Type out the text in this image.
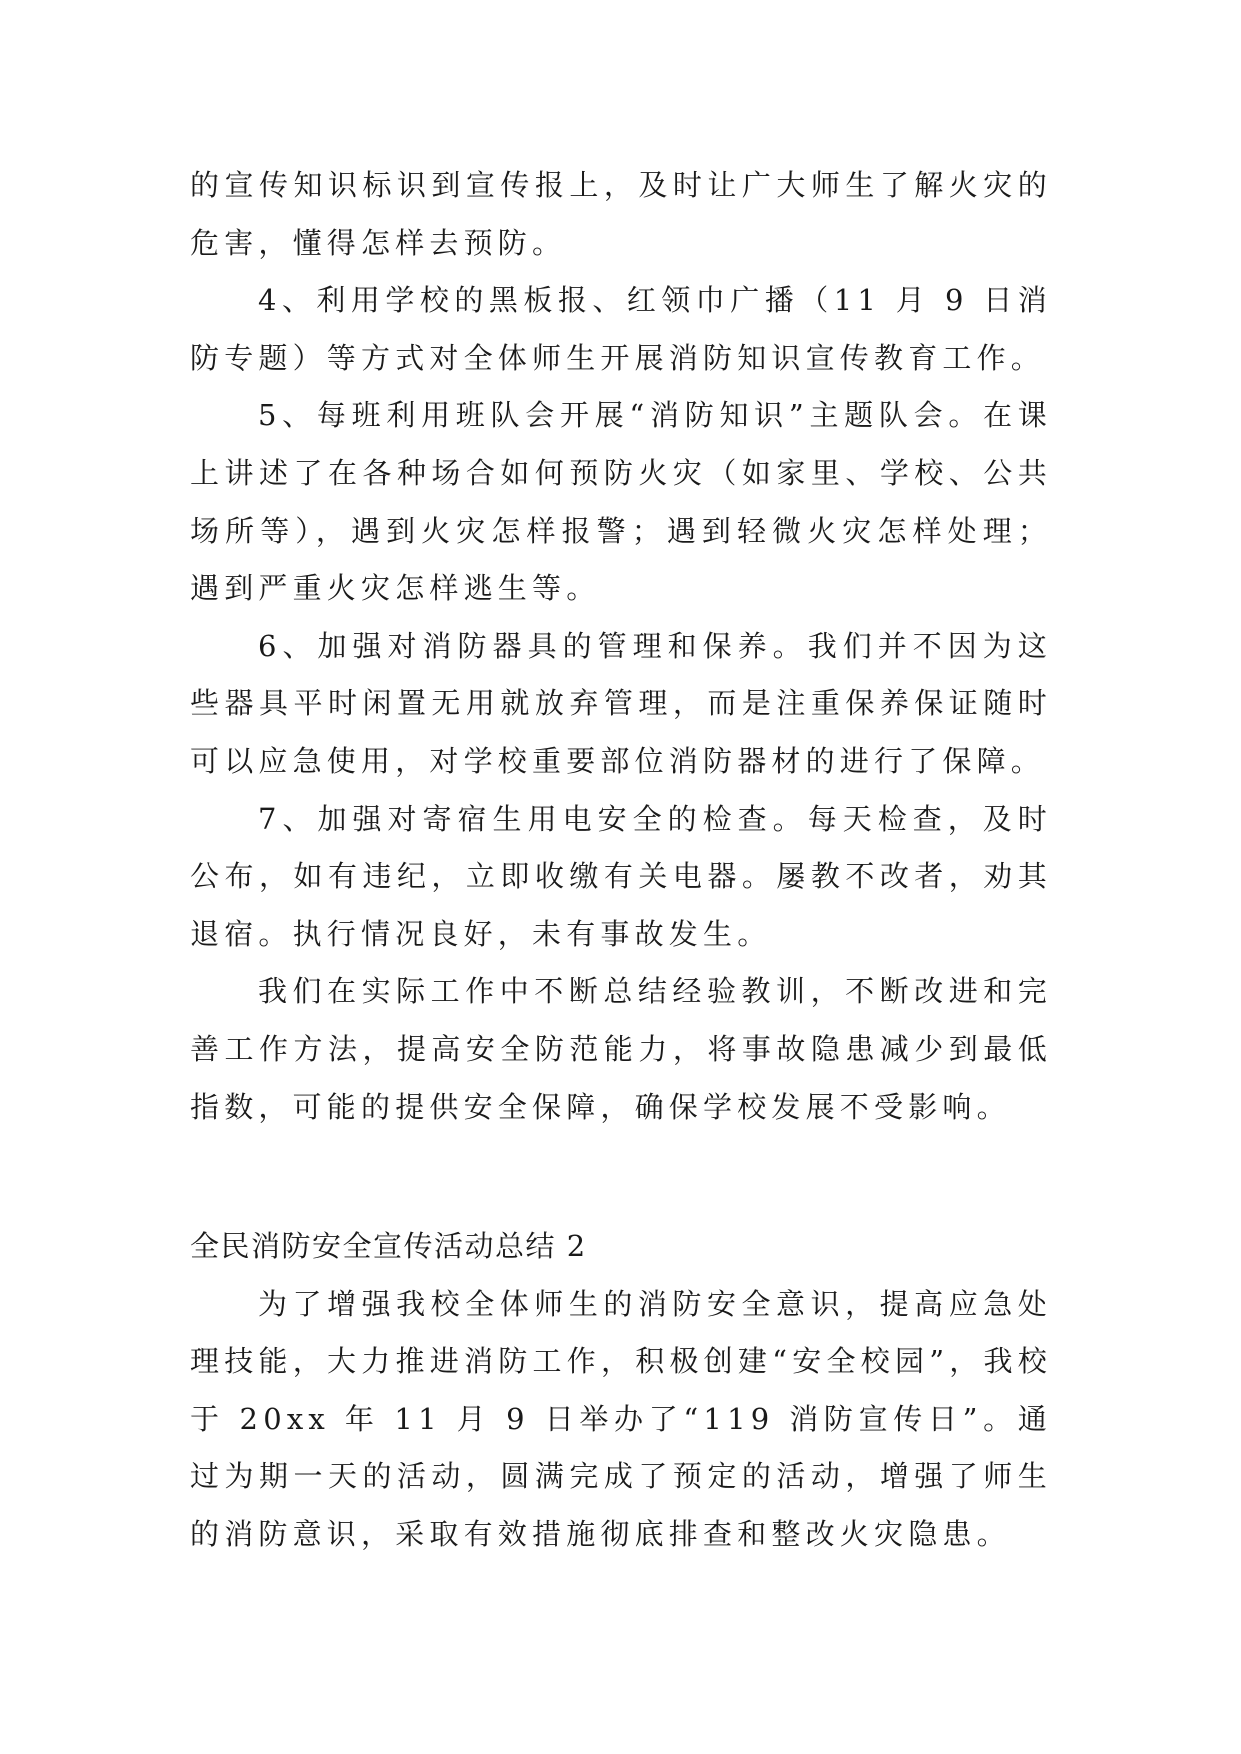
的宣传知识标识到宣传报上，及时让广大师生了解火灾的危害，懂得怎样去预防。

4、利用学校的黑板报、红领巾广播（11 月 9 日消防专题）等方式对全体师生开展消防知识宣传教育工作。

5、每班利用班队会开展“消防知识”主题队会。在课上讲述了在各种场合如何预防火灾（如家里、学校、公共场所等），遇到火灾怎样报警；遇到轻微火灾怎样处理；遇到严重火灾怎样逃生等。

6、加强对消防器具的管理和保养。我们并不因为这些器具平时闲置无用就放弃管理，而是注重保养保证随时可以应急使用，对学校重要部位消防器材的进行了保障。

7、加强对寄宿生用电安全的检查。每天检查，及时公布，如有违纪，立即收缴有关电器。屡教不改者，劝其退宿。执行情况良好，未有事故发生。

我们在实际工作中不断总结经验教训，不断改进和完善工作方法，提高安全防范能力，将事故隐患减少到最低指数，可能的提供安全保障，确保学校发展不受影响。

全民消防安全宣传活动总结 2

为了增强我校全体师生的消防安全意识，提高应急处理技能，大力推进消防工作，积极创建“安全校园”，我校于 20xx 年 11 月 9 日举办了“119 消防宣传日”。通过为期一天的活动，圆满完成了预定的活动，增强了师生的消防意识，采取有效措施彻底排查和整改火灾隐患。
